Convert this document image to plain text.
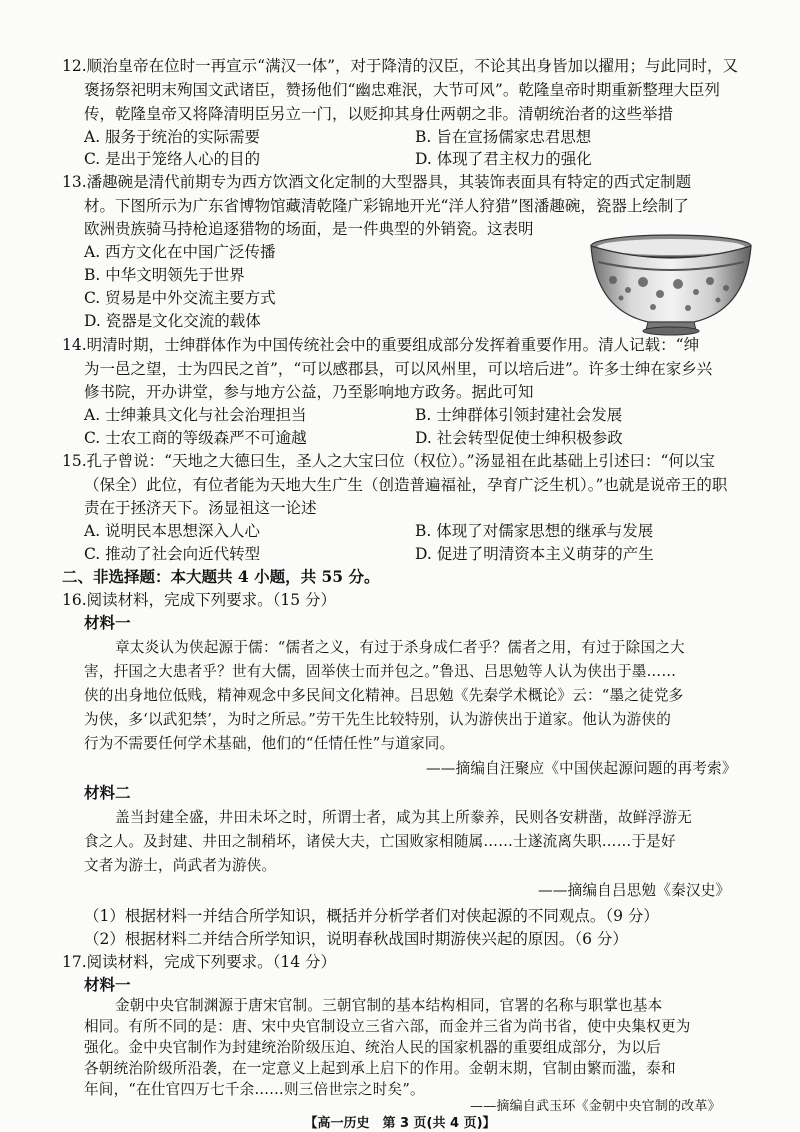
12.顺治皇帝在位时一再宣示“满汉一体”，对于降清的汉臣，不论其出身皆加以擢用；与此同时，又
褒扬祭祀明末殉国文武诸臣，赞扬他们“幽忠难泯，大节可风”。乾隆皇帝时期重新整理大臣列
传，乾隆皇帝又将降清明臣另立一门，以贬抑其身仕两朝之非。清朝统治者的这些举措
A. 服务于统治的实际需要	B. 旨在宣扬儒家忠君思想
C. 是出于笼络人心的目的	D. 体现了君主权力的强化
13.潘趣碗是清代前期专为西方饮酒文化定制的大型器具，其装饰表面具有特定的西式定制题
材。下图所示为广东省博物馆藏清乾隆广彩锦地开光“洋人狩猎”图潘趣碗，瓷器上绘制了
欧洲贵族骑马持枪追逐猎物的场面，是一件典型的外销瓷。这表明
A. 西方文化在中国广泛传播
B. 中华文明领先于世界
C. 贸易是中外交流主要方式
D. 瓷器是文化交流的载体
14.明清时期，士绅群体作为中国传统社会中的重要组成部分发挥着重要作用。清人记载：“绅
为一邑之望，士为四民之首”，“可以感郡县，可以风州里，可以培后进”。许多士绅在家乡兴
修书院，开办讲堂，参与地方公益，乃至影响地方政务。据此可知
A. 士绅兼具文化与社会治理担当	B. 士绅群体引领封建社会发展
C. 士农工商的等级森严不可逾越	D. 社会转型促使士绅积极参政
15.孔子曾说：“天地之大德曰生，圣人之大宝曰位（权位）。”汤显祖在此基础上引述曰：“何以宝
（保全）此位，有位者能为天地大生广生（创造普遍福祉，孕育广泛生机）。”也就是说帝王的职
责在于拯济天下。汤显祖这一论述
A. 说明民本思想深入人心	B. 体现了对儒家思想的继承与发展
C. 推动了社会向近代转型	D. 促进了明清资本主义萌芽的产生
二、非选择题：本大题共 4 小题，共 55 分。
16.阅读材料，完成下列要求。（15 分）
材料一
章太炎认为侠起源于儒：“儒者之义，有过于杀身成仁者乎？儒者之用，有过于除国之大
害，扞国之大患者乎？世有大儒，固举侠士而并包之。”鲁迅、吕思勉等人认为侠出于墨……
侠的出身地位低贱，精神观念中多民间文化精神。吕思勉《先秦学术概论》云：“墨之徒党多
为侠，多‘以武犯禁’，为时之所忌。”劳干先生比较特别，认为游侠出于道家。他认为游侠的
行为不需要任何学术基础，他们的“任情任性”与道家同。
——摘编自汪聚应《中国侠起源问题的再考索》
材料二
盖当封建全盛，井田未坏之时，所谓士者，咸为其上所豢养，民则各安耕凿，故鲜浮游无
食之人。及封建、井田之制稍坏，诸侯大夫，亡国败家相随属……士遂流离失职……于是好
文者为游士，尚武者为游侠。
——摘编自吕思勉《秦汉史》
（1）根据材料一并结合所学知识，概括并分析学者们对侠起源的不同观点。（9 分）
（2）根据材料二并结合所学知识，说明春秋战国时期游侠兴起的原因。（6 分）
17.阅读材料，完成下列要求。（14 分）
材料一
金朝中央官制渊源于唐宋官制。三朝官制的基本结构相同，官署的名称与职掌也基本
相同。有所不同的是：唐、宋中央官制设立三省六部，而金并三省为尚书省，使中央集权更为
强化。金中央官制作为封建统治阶级压迫、统治人民的国家机器的重要组成部分，为以后
各朝统治阶级所沿袭，在一定意义上起到承上启下的作用。金朝末期，官制由繁而滥，泰和
【高一历史　第 3 页(共 4 页)】
年间，“在仕官四万七千余……则三倍世宗之时矣”。
——摘编自武玉环《金朝中央官制的改革》
